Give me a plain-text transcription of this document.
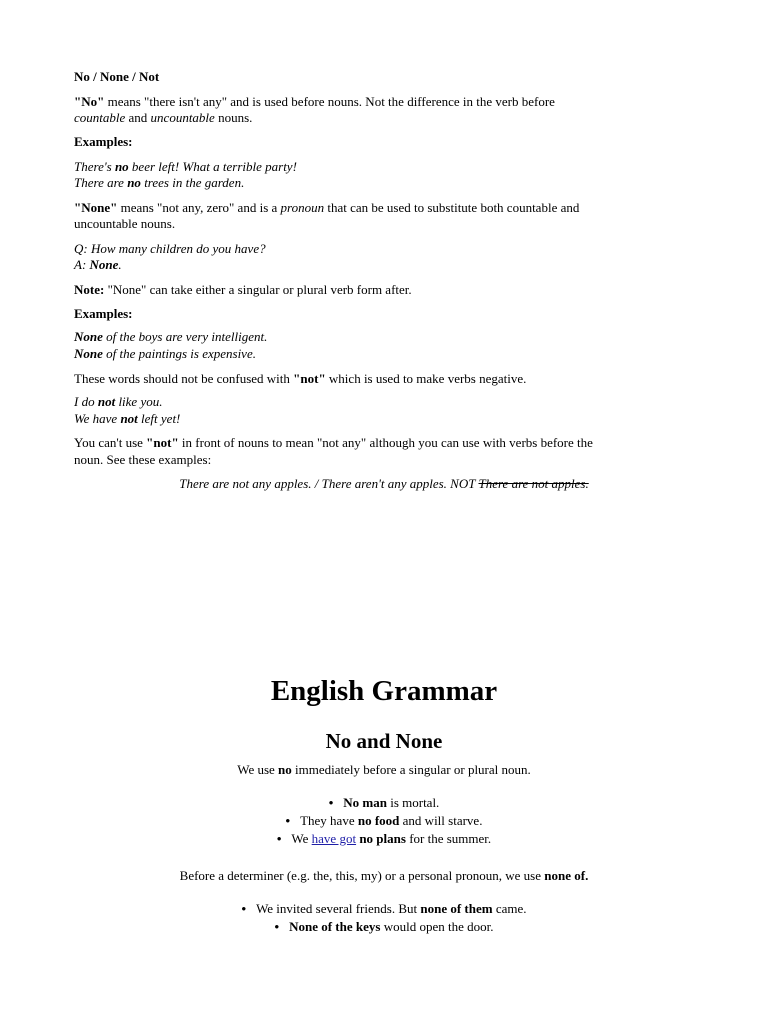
No / None / Not
"No" means "there isn't any" and is used before nouns. Not the difference in the verb before
countable and uncountable nouns.
Examples:
There's no beer left! What a terrible party!
There are no trees in the garden.
"None" means "not any, zero" and is a pronoun that can be used to substitute both countable and
uncountable nouns.
Q: How many children do you have?
A: None.
Note: "None" can take either a singular or plural verb form after.
Examples:
None of the boys are very intelligent.
None of the paintings is expensive.
These words should not be confused with "not" which is used to make verbs negative.
I do not like you.
We have not left yet!
You can't use "not" in front of nouns to mean "not any" although you can use with verbs before the
noun. See these examples:
There are not any apples. / There aren't any apples. NOT There are not apples.
English Grammar
No and None
We use no immediately before a singular or plural noun.
• No man is mortal.
• They have no food and will starve.
• We have got no plans for the summer.
Before a determiner (e.g. the, this, my) or a personal pronoun, we use none of.
• We invited several friends. But none of them came.
• None of the keys would open the door.
